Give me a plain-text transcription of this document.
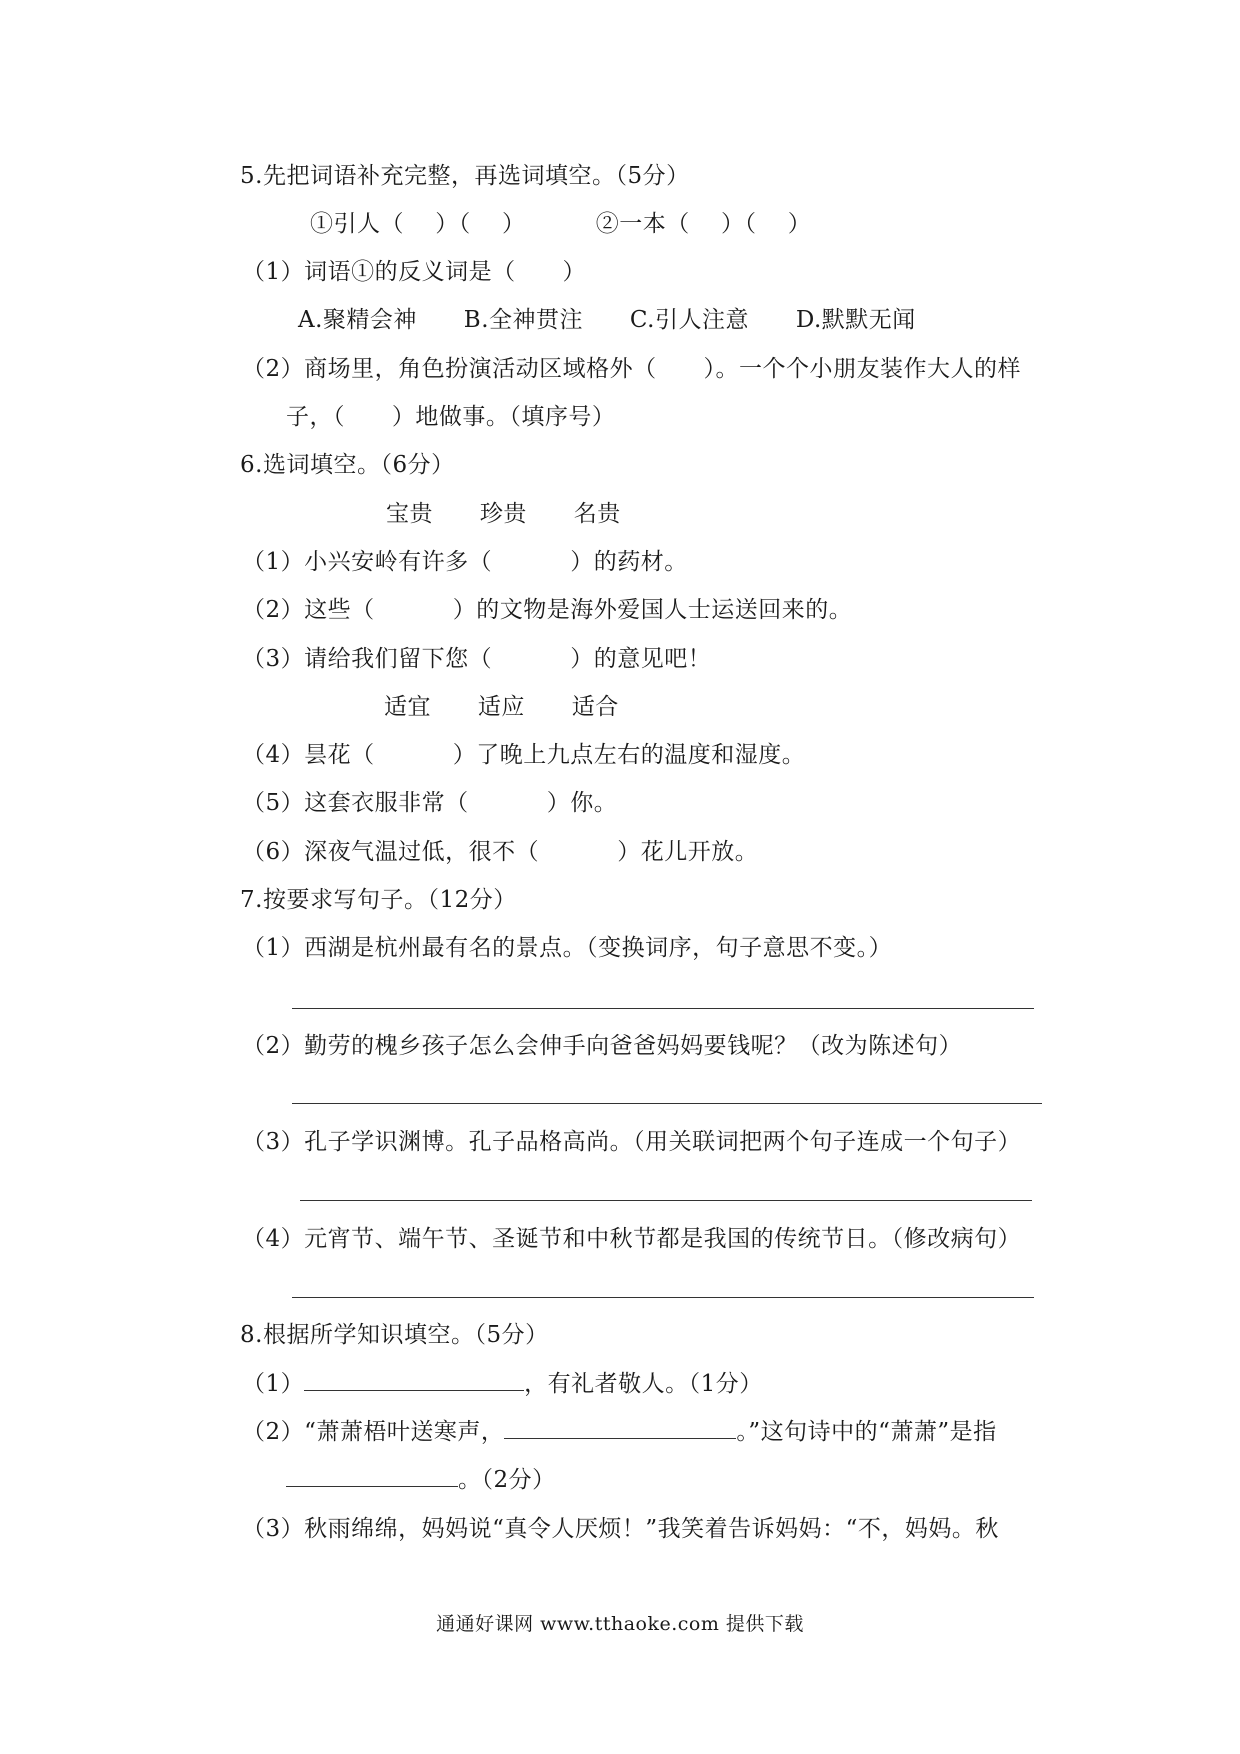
5.先把词语补充完整，再选词填空。（5分）
①引人（    ）（    ）         ②一本（    ）（    ）
（1）词语①的反义词是（      ）
A.聚精会神      B.全神贯注      C.引人注意      D.默默无闻
（2）商场里，角色扮演活动区域格外（      ）。一个个小朋友装作大人的样
子，（      ）地做事。（填序号）
6.选词填空。（6分）
宝贵      珍贵      名贵
（1）小兴安岭有许多（          ）的药材。
（2）这些（          ）的文物是海外爱国人士运送回来的。
（3）请给我们留下您（          ）的意见吧！
适宜      适应      适合
（4）昙花（          ）了晚上九点左右的温度和湿度。
（5）这套衣服非常（          ）你。
（6）深夜气温过低，很不（          ）花儿开放。
7.按要求写句子。（12分）
（1）西湖是杭州最有名的景点。（变换词序，句子意思不变。）
（2）勤劳的槐乡孩子怎么会伸手向爸爸妈妈要钱呢？（改为陈述句）
（3）孔子学识渊博。孔子品格高尚。（用关联词把两个句子连成一个句子）
（4）元宵节、端午节、圣诞节和中秋节都是我国的传统节日。（修改病句）
8.根据所学知识填空。（5分）
（1）	，有礼者敬人。（1分）
（2）“萧萧梧叶送寒声，	。”这句诗中的“萧萧”是指
。（2分）
（3）秋雨绵绵，妈妈说“真令人厌烦！”我笑着告诉妈妈：“不，妈妈。秋
通通好课网 www.tthaoke.com 提供下载
